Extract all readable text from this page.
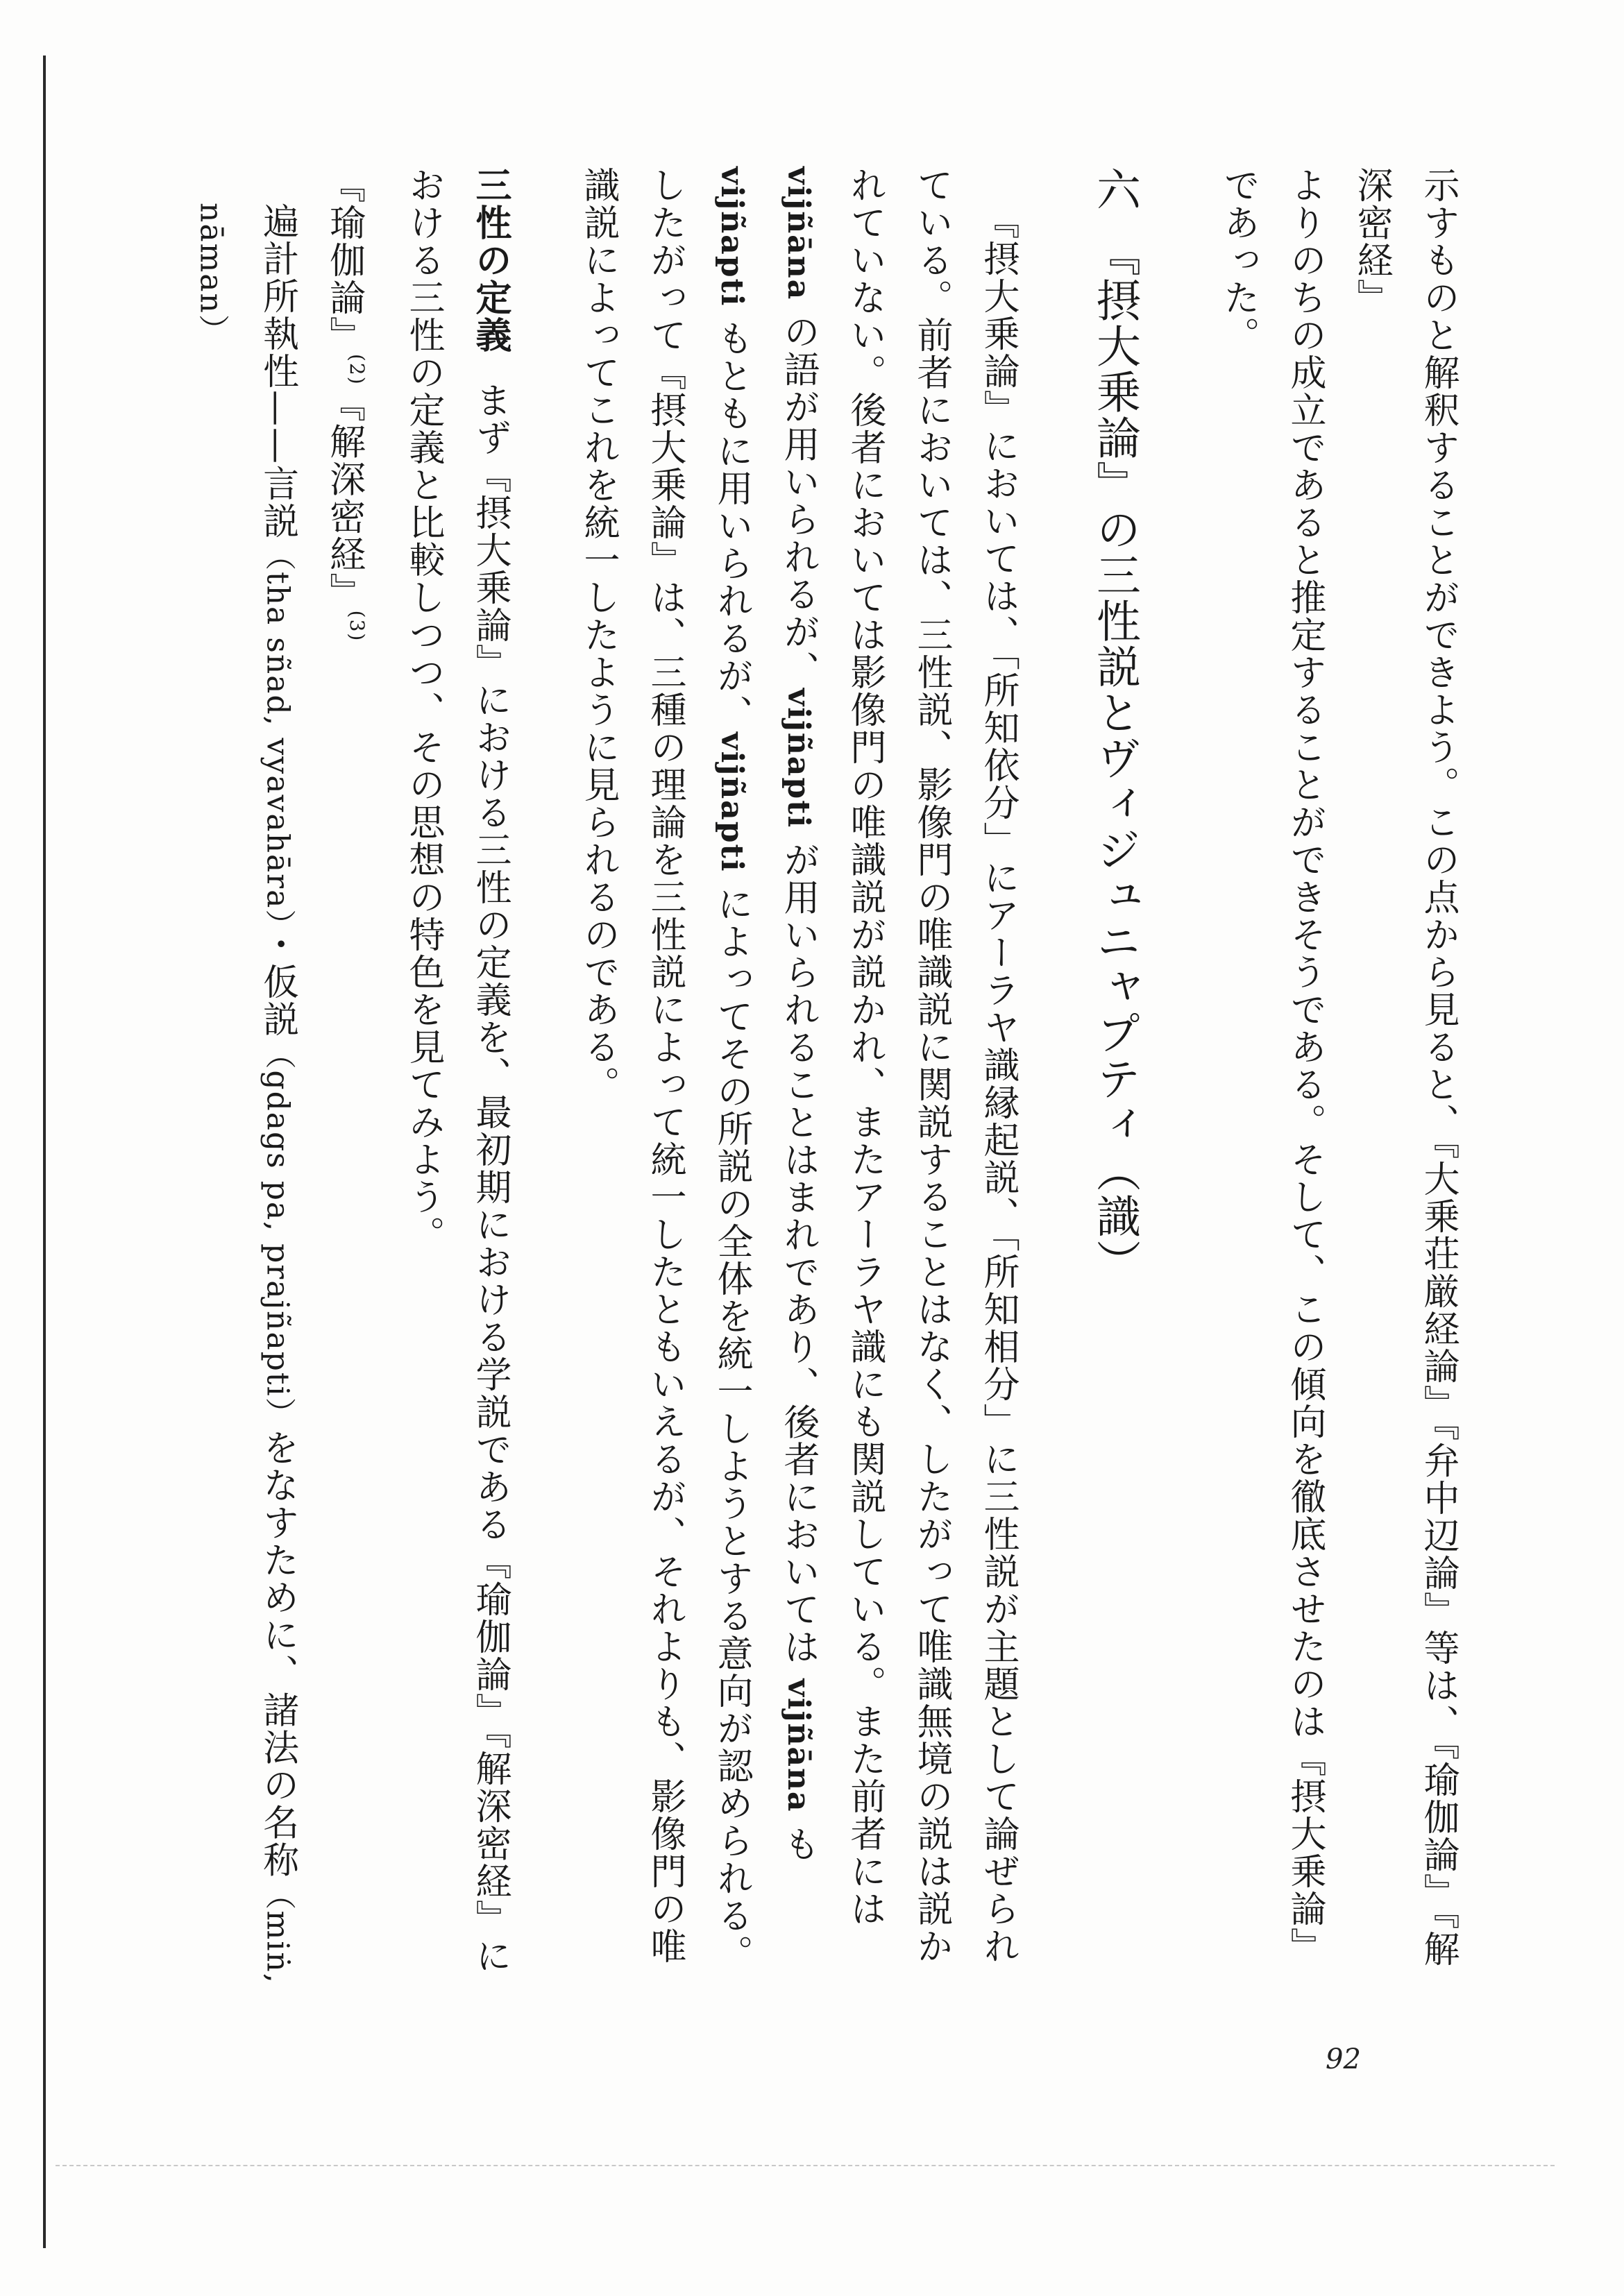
示すものと解釈することができよう。この点から見ると、『大乗荘厳経論』『弁中辺論』等は、『瑜伽論』『解深密経』

よりのちの成立であると推定することができそうである。そして、この傾向を徹底させたのは『摂大乗論』であった。

六『摂大乗論』の三性説とヴィジュニャプティ（識）

『摂大乗論』においては、「所知依分」にアーラヤ識縁起説、「所知相分」に三性説が主題として論ぜられている。前者においては、三性説、影像門の唯識説に関説することはなく、したがって唯識無境の説は説かれていない。後者においては影像門の唯識説が説かれ、またアーラヤ識にも関説している。また前者には vijñāna の語が用いられるが、vijñapti が用いられることはまれであり、後者においては vijñāna も vijñapti もともに用いられるが、vijñapti によってその所説の全体を統一しようとする意向が認められる。したがって『摂大乗論』は、三種の理論を三性説によって統一したともいえるが、それよりも、影像門の唯識説によってこれを統一したように見られるのである。

三性の定義まず『摂大乗論』における三性の定義を、最初期における学説である『瑜伽論』『解深密経』における三性の定義と比較しつつ、その思想の特色を見てみよう。

『瑜伽論』$^{(2)}$『解深密経』$^{(3)}$

遍計所執性——言説（tha sñad, vyavahāra）・仮説（gdags pa, prajñapti）をなすために、諸法の名称（miṅ, nāman）

92
